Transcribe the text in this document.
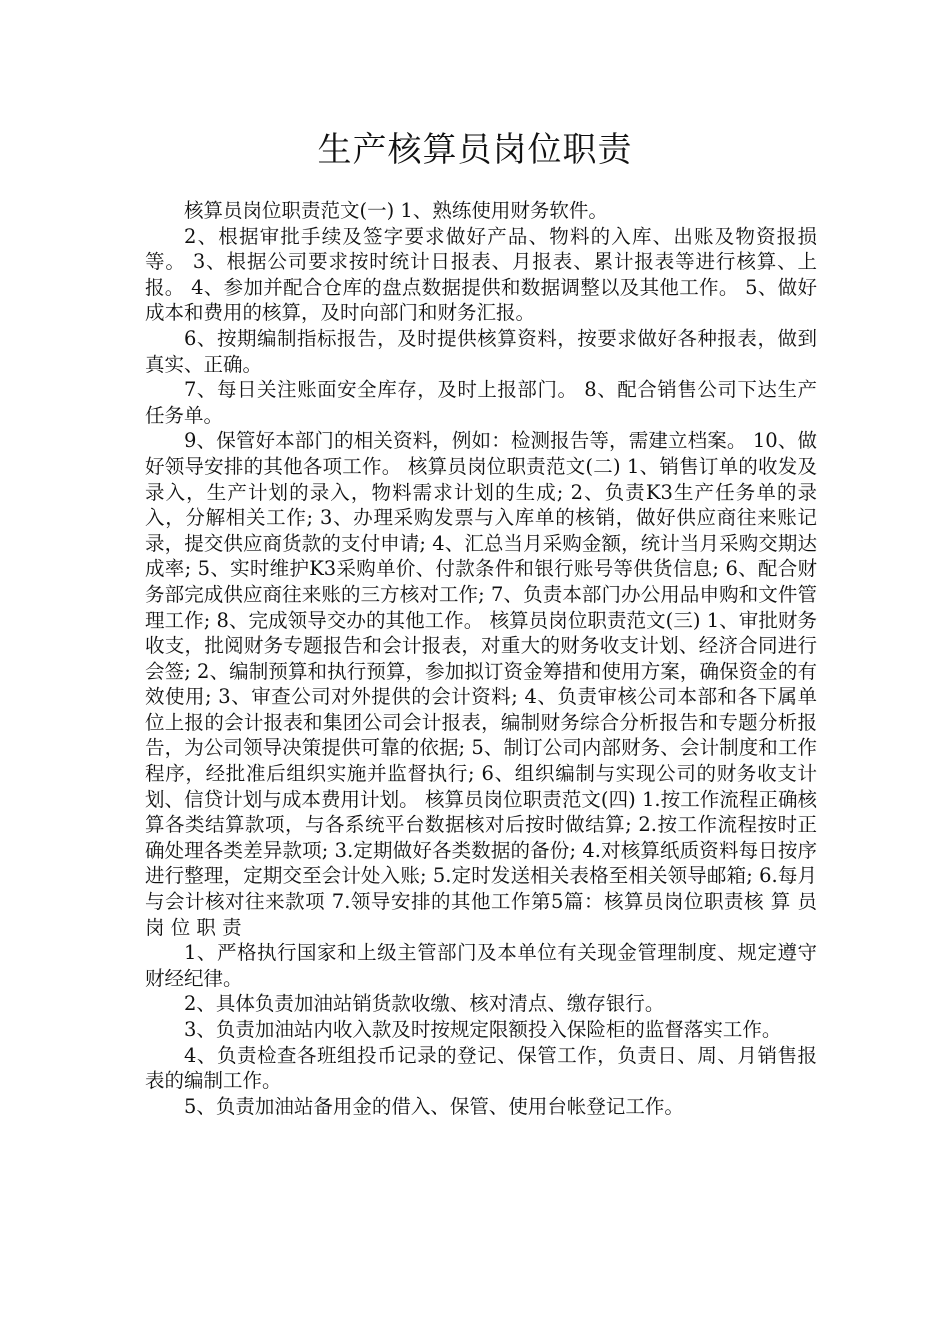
生产核算员岗位职责

核算员岗位职责范文(一) 1、熟练使用财务软件。

2、根据审批手续及签字要求做好产品、物料的入库、出账及物资报损等。 3、根据公司要求按时统计日报表、月报表、累计报表等进行核算、上报。 4、参加并配合仓库的盘点数据提供和数据调整以及其他工作。 5、做好成本和费用的核算，及时向部门和财务汇报。

6、按期编制指标报告，及时提供核算资料，按要求做好各种报表，做到真实、正确。

7、每日关注账面安全库存，及时上报部门。 8、配合销售公司下达生产任务单。

9、保管好本部门的相关资料，例如：检测报告等，需建立档案。 10、做好领导安排的其他各项工作。 核算员岗位职责范文(二) 1、销售订单的收发及录入，生产计划的录入，物料需求计划的生成; 2、负责K3生产任务单的录入，分解相关工作; 3、办理采购发票与入库单的核销，做好供应商往来账记录，提交供应商货款的支付申请; 4、汇总当月采购金额，统计当月采购交期达成率; 5、实时维护K3采购单价、付款条件和银行账号等供货信息; 6、配合财务部完成供应商往来账的三方核对工作; 7、负责本部门办公用品申购和文件管理工作; 8、完成领导交办的其他工作。 核算员岗位职责范文(三) 1、审批财务收支，批阅财务专题报告和会计报表，对重大的财务收支计划、经济合同进行会签; 2、编制预算和执行预算，参加拟订资金筹措和使用方案，确保资金的有效使用; 3、审查公司对外提供的会计资料; 4、负责审核公司本部和各下属单位上报的会计报表和集团公司会计报表，编制财务综合分析报告和专题分析报告，为公司领导决策提供可靠的依据; 5、制订公司内部财务、会计制度和工作程序，经批准后组织实施并监督执行; 6、组织编制与实现公司的财务收支计划、信贷计划与成本费用计划。 核算员岗位职责范文(四) 1.按工作流程正确核算各类结算款项，与各系统平台数据核对后按时做结算; 2.按工作流程按时正确处理各类差异款项; 3.定期做好各类数据的备份; 4.对核算纸质资料每日按序进行整理，定期交至会计处入账; 5.定时发送相关表格至相关领导邮箱; 6.每月与会计核对往来款项 7.领导安排的其他工作第5篇：核算员岗位职责核 算 员 岗 位 职 责

1、严格执行国家和上级主管部门及本单位有关现金管理制度、规定遵守财经纪律。

2、具体负责加油站销货款收缴、核对清点、缴存银行。

3、负责加油站内收入款及时按规定限额投入保险柜的监督落实工作。

4、负责检查各班组投币记录的登记、保管工作，负责日、周、月销售报表的编制工作。

5、负责加油站备用金的借入、保管、使用台帐登记工作。
